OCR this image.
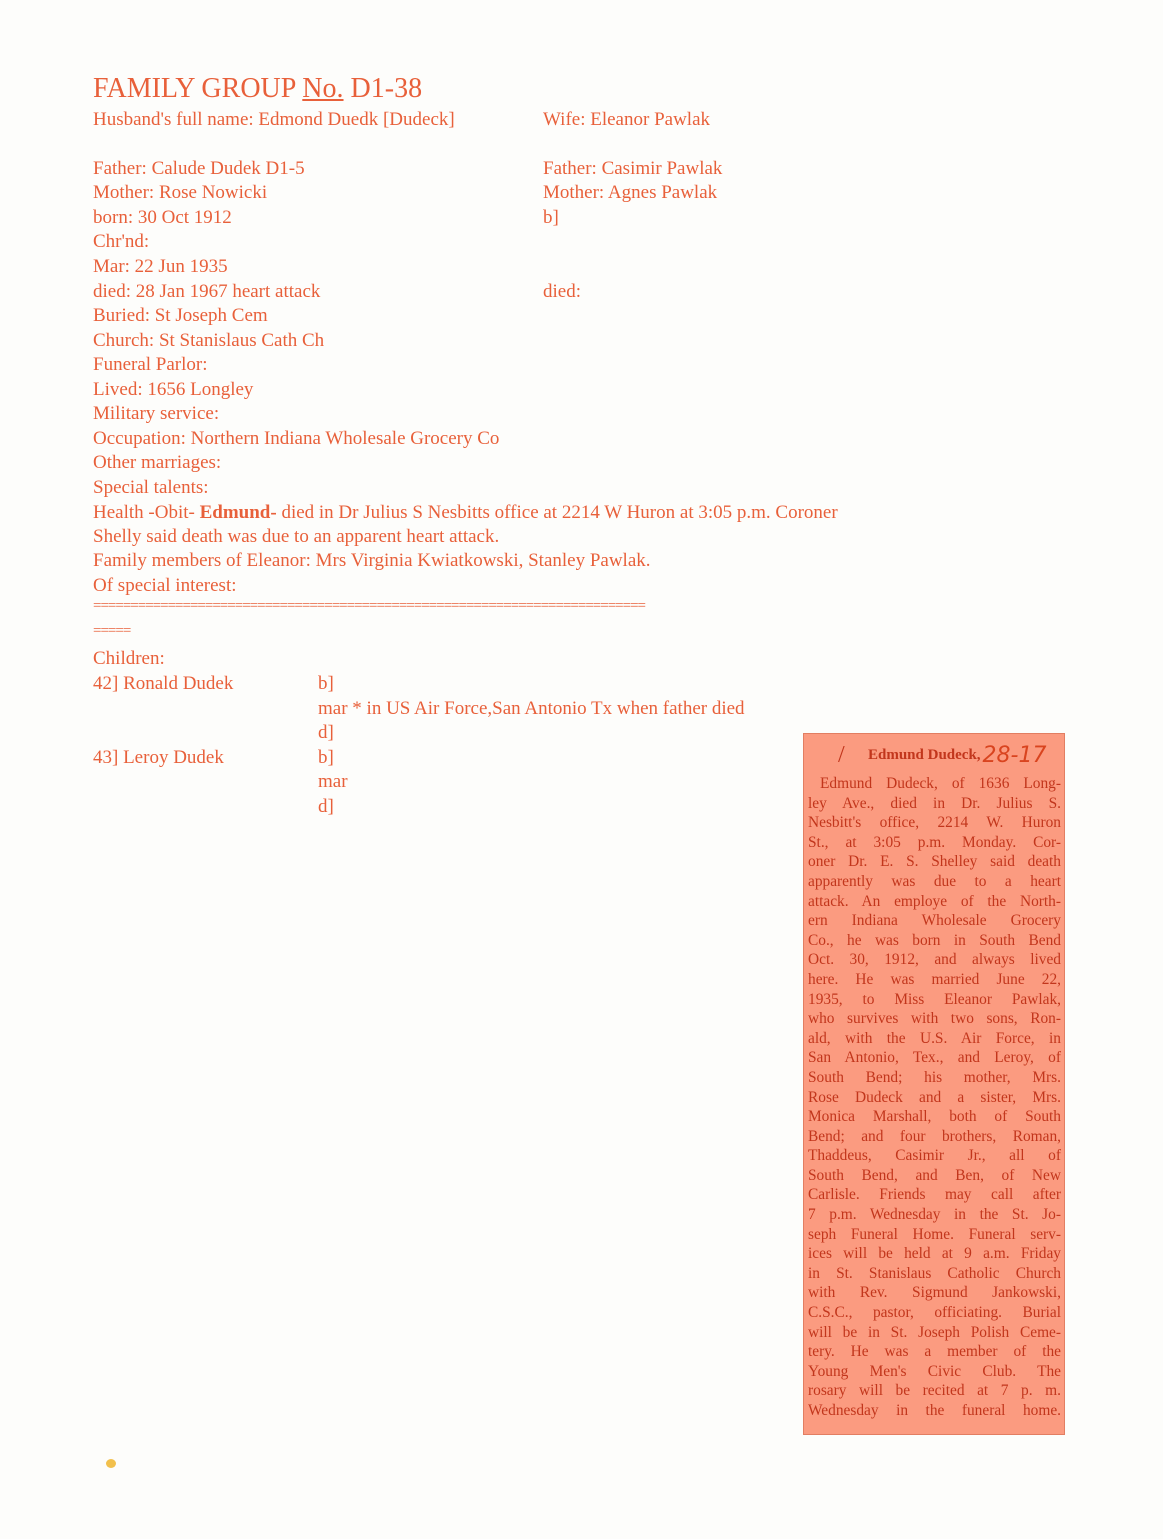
FAMILY GROUP No. D1-38
Husband's full name: Edmond Duedk [Dudeck]	Wife: Eleanor Pawlak
Father: Calude Dudek D1-5	Father: Casimir Pawlak
Mother: Rose Nowicki	Mother: Agnes Pawlak
born: 30 Oct 1912	b]
Chr'nd:
Mar: 22 Jun 1935
died: 28 Jan 1967 heart attack	died:
Buried: St Joseph Cem
Church: St Stanislaus Cath Ch
Funeral Parlor:
Lived: 1656 Longley
Military service:
Occupation: Northern Indiana Wholesale Grocery Co
Other marriages:
Special talents:
Health -Obit- Edmund- died in Dr Julius S Nesbitts office at 2214 W Huron at 3:05 p.m. Coroner
Shelly said death was due to an apparent heart attack.
Family members of Eleanor: Mrs Virginia Kwiatkowski, Stanley Pawlak.
Of special interest:
==========================================================================
=====
Children:
42] Ronald Dudek	b]
mar * in US Air Force,San Antonio Tx when father died
d]
43] Leroy Dudek	b]
mar
d]
/	Edmund Dudeck, 28-17
Edmund Dudeck, of 1636 Long-
ley Ave., died in Dr. Julius S.
Nesbitt's office, 2214 W. Huron
St., at 3:05 p.m. Monday. Cor-
oner Dr. E. S. Shelley said death
apparently was due to a heart
attack. An employe of the North-
ern Indiana Wholesale Grocery
Co., he was born in South Bend
Oct. 30, 1912, and always lived
here. He was married June 22,
1935, to Miss Eleanor Pawlak,
who survives with two sons, Ron-
ald, with the U.S. Air Force, in
San Antonio, Tex., and Leroy, of
South Bend; his mother, Mrs.
Rose Dudeck and a sister, Mrs.
Monica Marshall, both of South
Bend; and four brothers, Roman,
Thaddeus, Casimir Jr., all of
South Bend, and Ben, of New
Carlisle. Friends may call after
7 p.m. Wednesday in the St. Jo-
seph Funeral Home. Funeral serv-
ices will be held at 9 a.m. Friday
in St. Stanislaus Catholic Church
with Rev. Sigmund Jankowski,
C.S.C., pastor, officiating. Burial
will be in St. Joseph Polish Ceme-
tery. He was a member of the
Young Men's Civic Club. The
rosary will be recited at 7 p. m.
Wednesday in the funeral home.
